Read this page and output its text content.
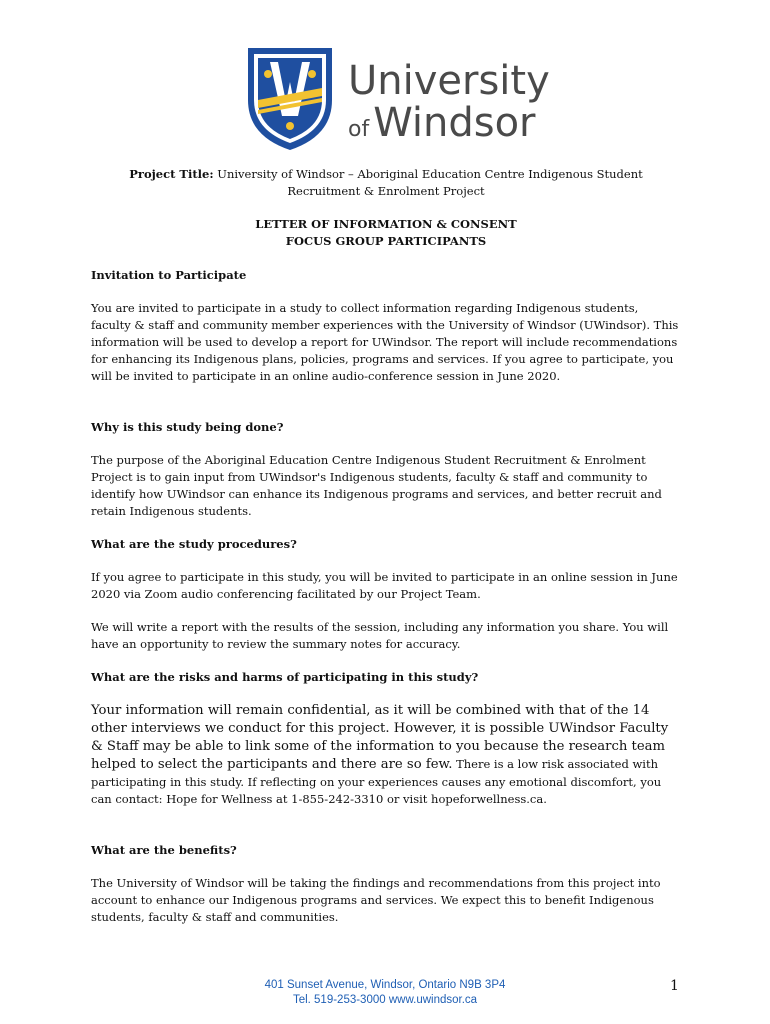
University
of Windsor
Project Title: University of Windsor – Aboriginal Education Centre Indigenous Student Recruitment & Enrolment Project
LETTER OF INFORMATION & CONSENT
FOCUS GROUP PARTICIPANTS
Invitation to Participate

You are invited to participate in a study to collect information regarding Indigenous students, faculty & staff and community member experiences with the University of Windsor (UWindsor). This information will be used to develop a report for UWindsor. The report will include recommendations for enhancing its Indigenous plans, policies, programs and services. If you agree to participate, you will be invited to participate in an online audio-conference session in June 2020.

Why is this study being done?

The purpose of the Aboriginal Education Centre Indigenous Student Recruitment & Enrolment Project is to gain input from UWindsor's Indigenous students, faculty & staff and community to identify how UWindsor can enhance its Indigenous programs and services, and better recruit and retain Indigenous students.

What are the study procedures?

If you agree to participate in this study, you will be invited to participate in an online session in June 2020 via Zoom audio conferencing facilitated by our Project Team.

We will write a report with the results of the session, including any information you share. You will have an opportunity to review the summary notes for accuracy.

What are the risks and harms of participating in this study?

Your information will remain confidential, as it will be combined with that of the 14 other interviews we conduct for this project. However, it is possible UWindsor Faculty & Staff may be able to link some of the information to you because the research team helped to select the participants and there are so few. There is a low risk associated with participating in this study. If reflecting on your experiences causes any emotional discomfort, you can contact: Hope for Wellness at 1-855-242-3310 or visit hopeforwellness.ca.

What are the benefits?

The University of Windsor will be taking the findings and recommendations from this project into account to enhance our Indigenous programs and services. We expect this to benefit Indigenous students, faculty & staff and communities.

401 Sunset Avenue, Windsor, Ontario N9B 3P4
Tel. 519-253-3000 www.uwindsor.ca
1
